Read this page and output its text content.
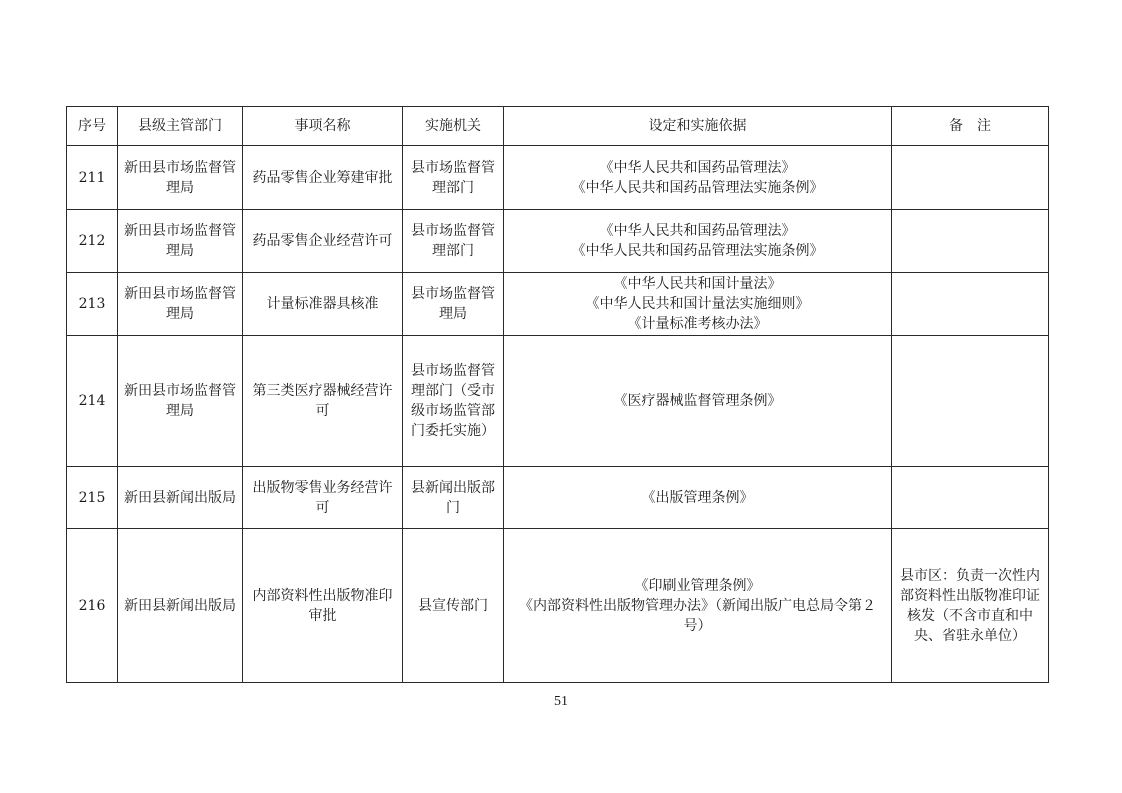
序号	县级主管部门	事项名称	实施机关	设定和实施依据	备　注
211	新田县市场监督管理局	药品零售企业筹建审批	县市场监督管理部门	《中华人民共和国药品管理法》
《中华人民共和国药品管理法实施条例》	

212	新田县市场监督管理局	药品零售企业经营许可	县市场监督管理部门	《中华人民共和国药品管理法》
《中华人民共和国药品管理法实施条例》	

213	新田县市场监督管理局	计量标准器具核准	县市场监督管理局	《中华人民共和国计量法》
《中华人民共和国计量法实施细则》
《计量标准考核办法》	

214	新田县市场监督管理局	第三类医疗器械经营许可	县市场监督管理部门（受市级市场监管部门委托实施）	《医疗器械监督管理条例》	

215	新田县新闻出版局	出版物零售业务经营许可	县新闻出版部门	《出版管理条例》	

216	新田县新闻出版局	内部资料性出版物准印审批	县宣传部门	《印刷业管理条例》
《内部资料性出版物管理办法》（新闻出版广电总局令第２号）	县市区：负责一次性内部资料性出版物准印证核发（不含市直和中央、省驻永单位）
51
